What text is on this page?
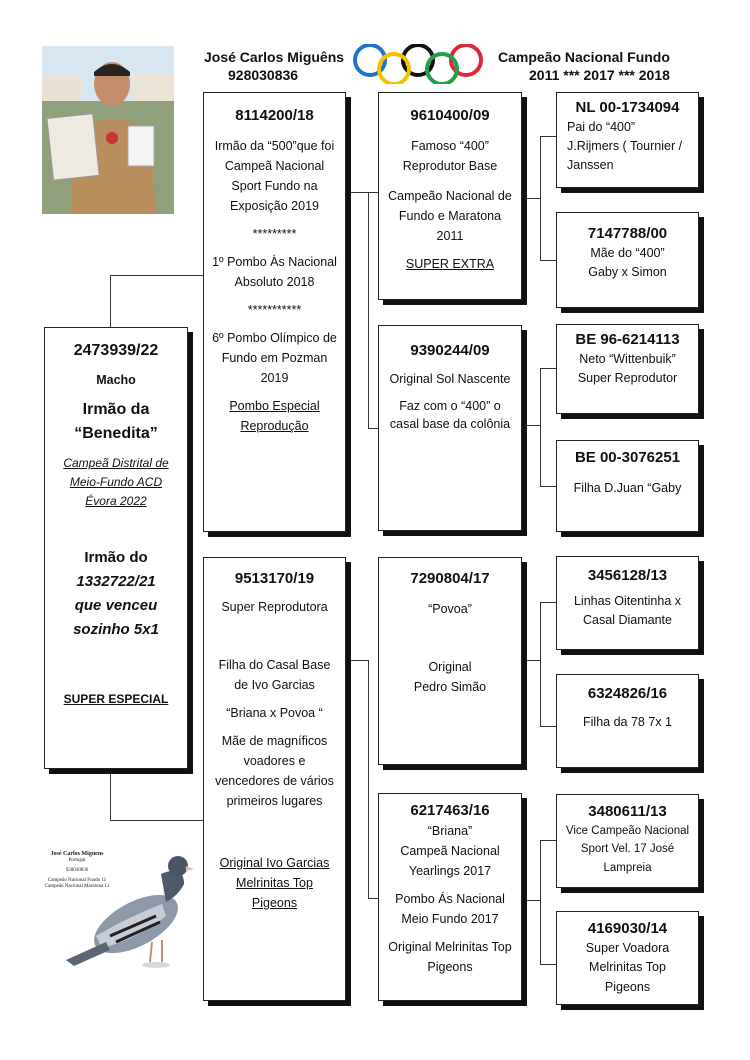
José Carlos Miguêns
928030836
Campeão Nacional Fundo
2011 *** 2017 *** 2018
2473939/22
Macho
Irmão da “Benedita”
Campeã Distrital de Meio-Fundo ACD Évora 2022
Irmão do
1332722/21
que venceu sozinho 5x1
SUPER ESPECIAL
8114200/18

Irmão da “500”que foi Campeã Nacional Sport Fundo na Exposição 2019

*********

1º Pombo Às Nacional Absoluto 2018

***********

6º Pombo Olímpico de Fundo em Pozman 2019

Pombo Especial Reprodução

9513170/19

Super Reprodutora

Filha do Casal Base de Ivo Garcias

“Briana x Povoa “

Mãe de magníficos voadores e vencedores de vários primeiros lugares

Original Ivo Garcias Melrinitas Top Pigeons

9610400/09

Famoso “400” Reprodutor Base

Campeão Nacional de Fundo e Maratona 2011

SUPER EXTRA

9390244/09

Original Sol Nascente

Faz com o “400” o casal base da colônia

7290804/17

“Povoa”

Original
Pedro Simão

6217463/16

“Briana”
Campeã Nacional Yearlings 2017

Pombo Ás Nacional Meio Fundo 2017

Original Melrinitas Top Pigeons

NL 00-1734094

Pai do “400”
J.Rijmers ( Tournier / Janssen

7147788/00

Mãe do “400”
Gaby x Simon

BE 96-6214113

Neto “Wittenbuik”
Super Reprodutor

BE 00-3076251

Filha D.Juan “Gaby

3456128/13

Linhas Oitentinha x Casal Diamante

6324826/16

Filha da 78 7x 1

3480611/13

Vice Campeão Nacional Sport Vel. 17 José Lampreia

4169030/14

Super Voadora Melrinitas Top Pigeons

José Carlos Miguens
Portugal
928030836
Campeão Nacional Fundo 11
Campeão Nacional Maratona 11
